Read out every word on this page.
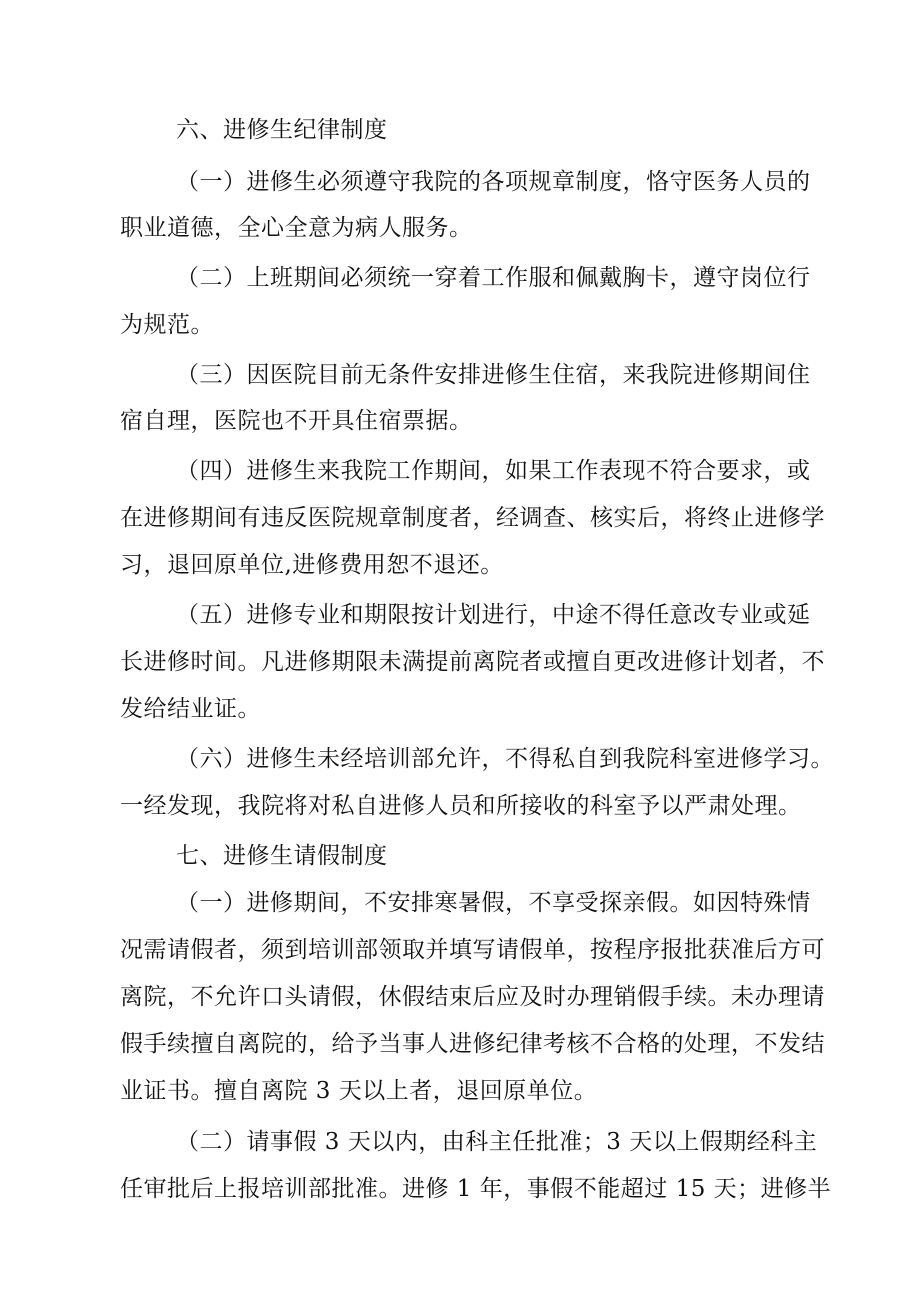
六、进修生纪律制度
（一）进修生必须遵守我院的各项规章制度，恪守医务人员的
职业道德，全心全意为病人服务。
（二）上班期间必须统一穿着工作服和佩戴胸卡，遵守岗位行
为规范。
（三）因医院目前无条件安排进修生住宿，来我院进修期间住
宿自理，医院也不开具住宿票据。
（四）进修生来我院工作期间，如果工作表现不符合要求，或
在进修期间有违反医院规章制度者，经调查、核实后，将终止进修学
习，退回原单位,进修费用恕不退还。
（五）进修专业和期限按计划进行，中途不得任意改专业或延
长进修时间。凡进修期限未满提前离院者或擅自更改进修计划者，不
发给结业证。
（六）进修生未经培训部允许，不得私自到我院科室进修学习。
一经发现，我院将对私自进修人员和所接收的科室予以严肃处理。
七、进修生请假制度
（一）进修期间，不安排寒暑假，不享受探亲假。如因特殊情
况需请假者，须到培训部领取并填写请假单，按程序报批获准后方可
离院，不允许口头请假，休假结束后应及时办理销假手续。未办理请
假手续擅自离院的，给予当事人进修纪律考核不合格的处理，不发结
业证书。擅自离院 3 天以上者，退回原单位。
（二）请事假 3 天以内，由科主任批准；3 天以上假期经科主
任审批后上报培训部批准。进修 1 年，事假不能超过 15 天；进修半
